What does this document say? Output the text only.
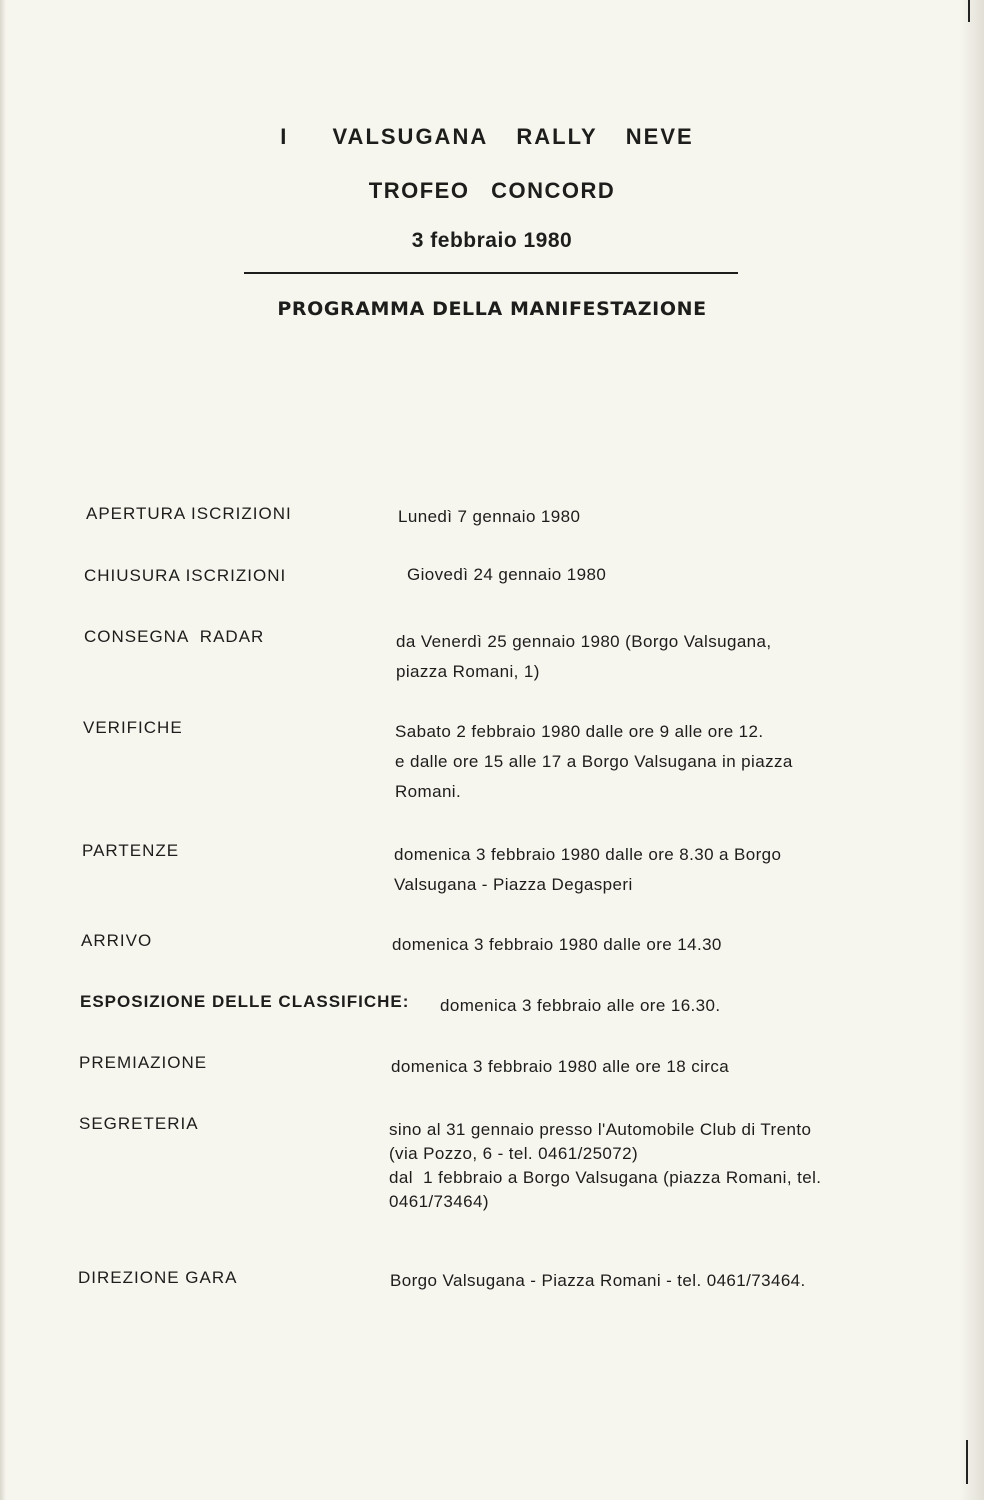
I VALSUGANA RALLY NEVE
TROFEO CONCORD
3 febbraio 1980
PROGRAMMA DELLA MANIFESTAZIONE
APERTURA ISCRIZIONI	Lunedì 7 gennaio 1980
CHIUSURA ISCRIZIONI	Giovedì 24 gennaio 1980
CONSEGNA  RADAR	da Venerdì 25 gennaio 1980 (Borgo Valsugana,
piazza Romani, 1)
VERIFICHE	Sabato 2 febbraio 1980 dalle ore 9 alle ore 12.
e dalle ore 15 alle 17 a Borgo Valsugana in piazza
Romani.
PARTENZE	domenica 3 febbraio 1980 dalle ore 8.30 a Borgo
Valsugana - Piazza Degasperi
ARRIVO	domenica 3 febbraio 1980 dalle ore 14.30
ESPOSIZIONE DELLE CLASSIFICHE: domenica 3 febbraio alle ore 16.30.
PREMIAZIONE	domenica 3 febbraio 1980 alle ore 18 circa
SEGRETERIA	sino al 31 gennaio presso l'Automobile Club di Trento
(via Pozzo, 6 - tel. 0461/25072)
dal  1 febbraio a Borgo Valsugana (piazza Romani, tel.
0461/73464)
DIREZIONE GARA	Borgo Valsugana - Piazza Romani - tel. 0461/73464.
